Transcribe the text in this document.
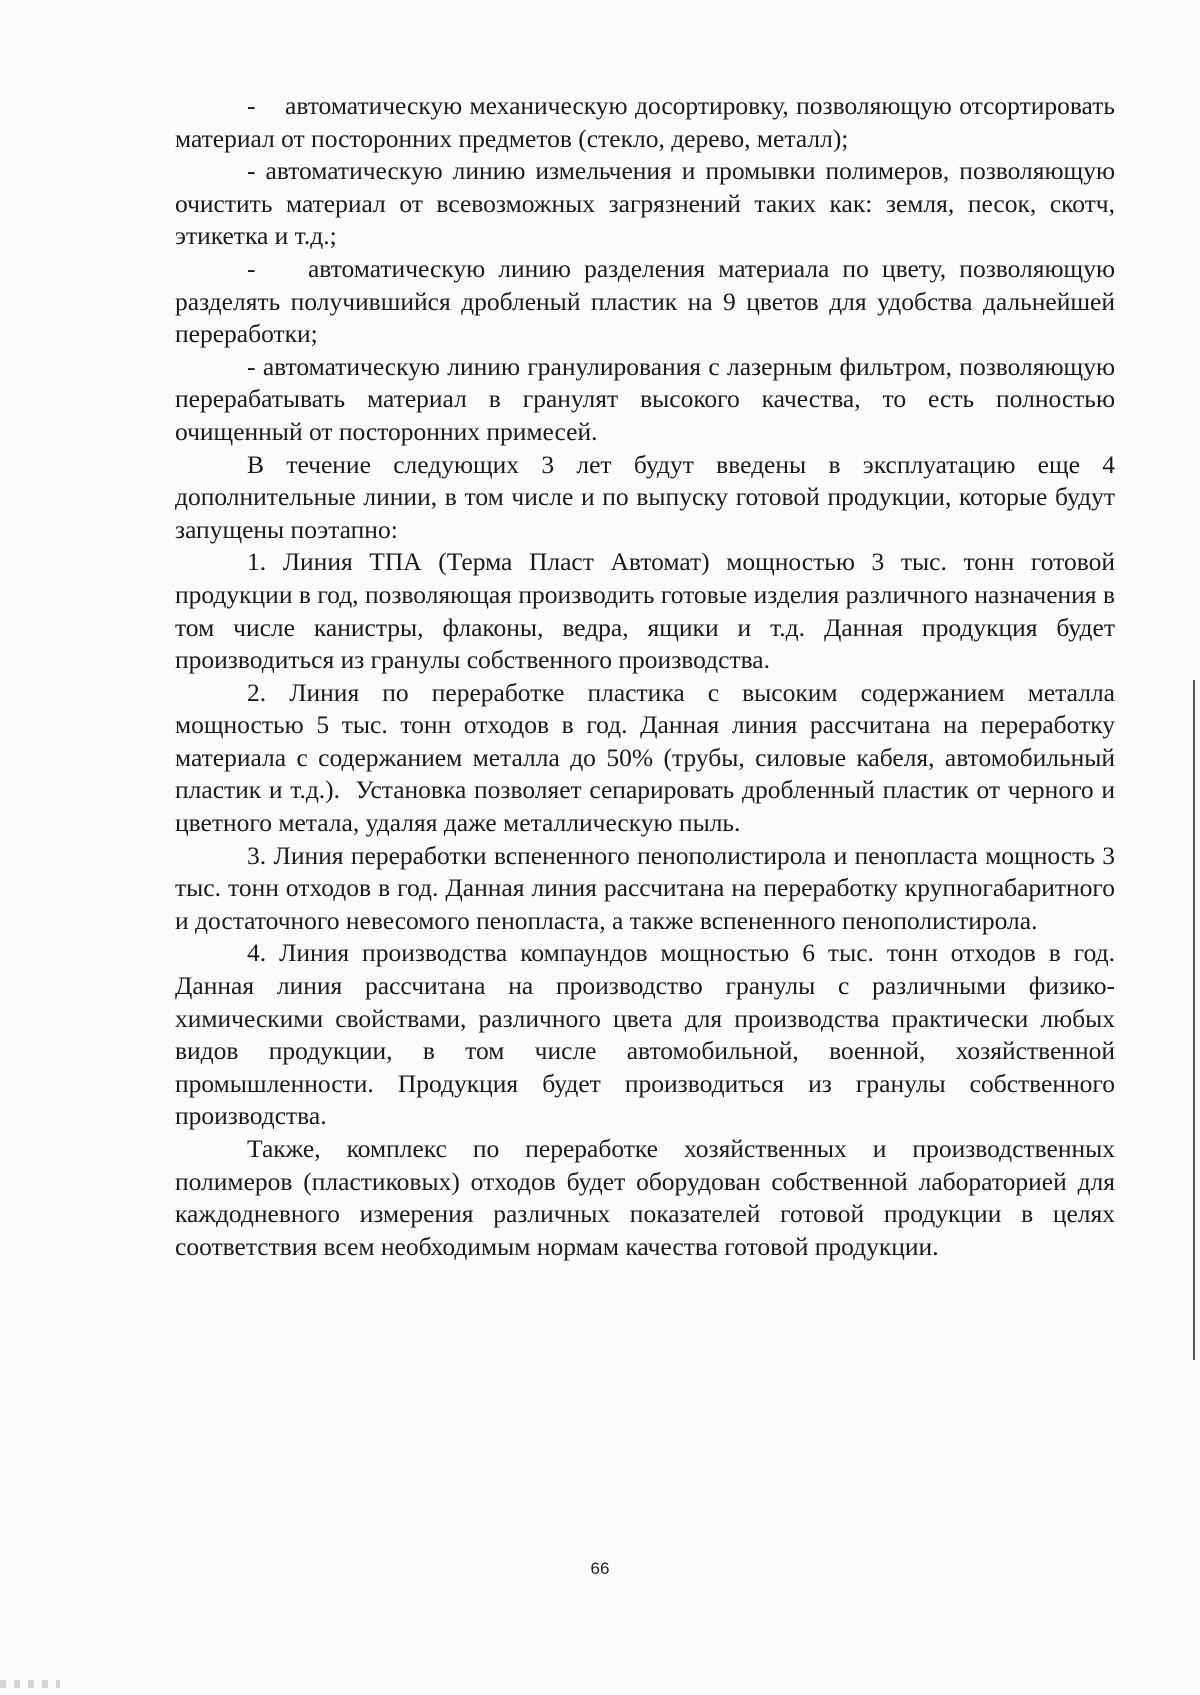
-    автоматическую механическую досортировку, позволяющую отсортировать материал от посторонних предметов (стекло, дерево, металл);

- автоматическую линию измельчения и промывки полимеров, позволяющую очистить материал от всевозможных загрязнений таких как: земля, песок, скотч, этикетка и т.д.;

-    автоматическую линию разделения материала по цвету, позволяющую разделять получившийся дробленый пластик на 9 цветов для удобства дальнейшей переработки;

- автоматическую линию гранулирования с лазерным фильтром, позволяющую перерабатывать материал в гранулят высокого качества, то есть полностью очищенный от посторонних примесей.

В течение следующих 3 лет будут введены в эксплуатацию еще 4 дополнительные линии, в том числе и по выпуску готовой продукции, которые будут запущены поэтапно:

1. Линия ТПА (Терма Пласт Автомат) мощностью 3 тыс. тонн готовой продукции в год, позволяющая производить готовые изделия различного назначения в том числе канистры, флаконы, ведра, ящики и т.д. Данная продукция будет производиться из гранулы собственного производства.

2. Линия по переработке пластика с высоким содержанием металла мощностью 5 тыс. тонн отходов в год. Данная линия рассчитана на переработку материала с содержанием металла до 50% (трубы, силовые кабеля, автомобильный пластик и т.д.).  Установка позволяет сепарировать дробленный пластик от черного и цветного метала, удаляя даже металлическую пыль.

3. Линия переработки вспененного пенополистирола и пенопласта мощность 3 тыс. тонн отходов в год. Данная линия рассчитана на переработку крупногабаритного и достаточного невесомого пенопласта, а также вспененного пенополистирола.

4. Линия производства компаундов мощностью 6 тыс. тонн отходов в год. Данная линия рассчитана на производство гранулы с различными физико-химическими свойствами, различного цвета для производства практически любых видов продукции, в том числе автомобильной, военной, хозяйственной промышленности. Продукция будет производиться из гранулы собственного производства.

Также, комплекс по переработке хозяйственных и производственных полимеров (пластиковых) отходов будет оборудован собственной лабораторией для каждодневного измерения различных показателей готовой продукции в целях соответствия всем необходимым нормам качества готовой продукции.

66
